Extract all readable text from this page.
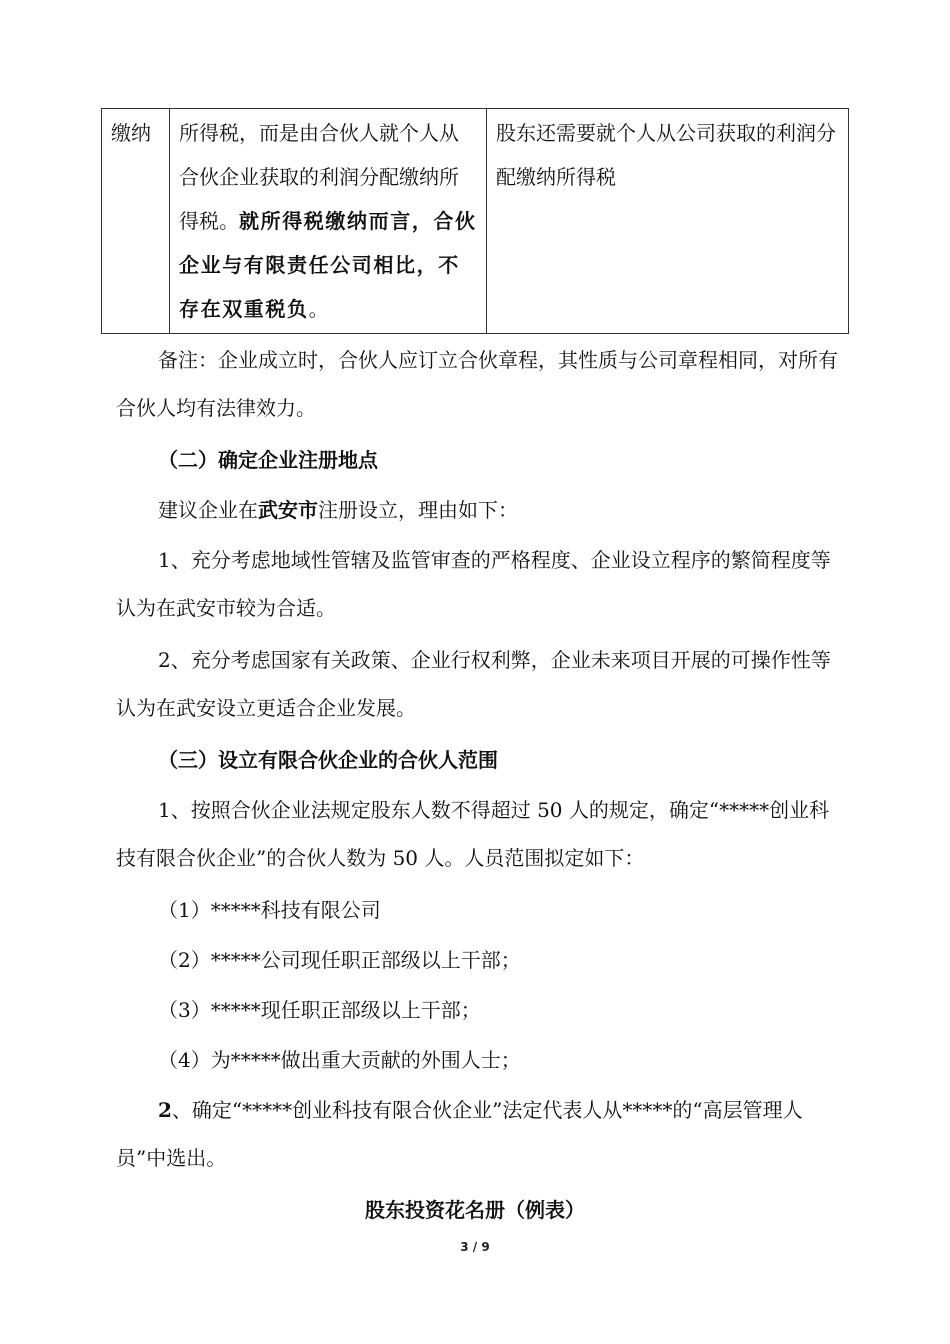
缴纳	所得税，而是由合伙人就个人从合伙企业获取的利润分配缴纳所得税。就所得税缴纳而言，合伙企业与有限责任公司相比，不存在双重税负。	股东还需要就个人从公司获取的利润分配缴纳所得税

备注：企业成立时，合伙人应订立合伙章程，其性质与公司章程相同，对所有合伙人均有法律效力。

（二）确定企业注册地点

建议企业在武安市注册设立，理由如下：

1、充分考虑地域性管辖及监管审查的严格程度、企业设立程序的繁简程度等认为在武安市较为合适。

2、充分考虑国家有关政策、企业行权利弊，企业未来项目开展的可操作性等认为在武安设立更适合企业发展。

（三）设立有限合伙企业的合伙人范围

1、按照合伙企业法规定股东人数不得超过 50 人的规定，确定“*****创业科技有限合伙企业”的合伙人数为 50 人。人员范围拟定如下：

（1）*****科技有限公司

（2）*****公司现任职正部级以上干部；

（3）*****现任职正部级以上干部；

（4）为*****做出重大贡献的外围人士；

2、确定“*****创业科技有限合伙企业”法定代表人从*****的“高层管理人员”中选出。

股东投资花名册（例表）

3 / 9
